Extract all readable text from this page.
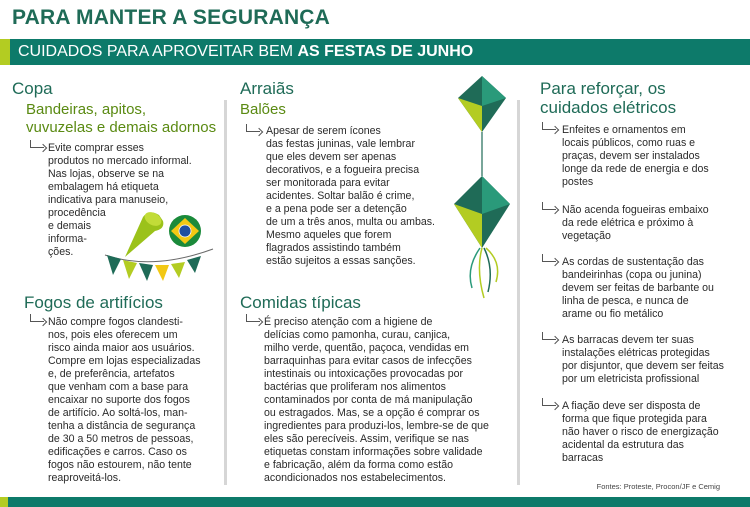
PARA MANTER A SEGURANÇA
CUIDADOS PARA APROVEITAR BEM AS FESTAS DE JUNHO
Copa
Bandeiras, apitos,
vuvuzelas e demais adornos
Evite comprar esses
produtos no mercado informal.
Nas lojas, observe se na
embalagem há etiqueta
indicativa para manuseio,
procedência
e demais
informa-
ções.
Fogos de artifícios
Não compre fogos clandesti-
nos, pois eles oferecem um
risco ainda maior aos usuários.
Compre em lojas especializadas
e, de preferência, artefatos
que venham com a base para
encaixar no suporte dos fogos
de artifício. Ao soltá-los, man-
tenha a distância de segurança
de 30 a 50 metros de pessoas,
edificações e carros. Caso os
fogos não estourem, não tente
reaproveitá-los.
Arraiãs
Balões
Apesar de serem ícones
das festas juninas, vale lembrar
que eles devem ser apenas
decorativos, e a fogueira precisa
ser monitorada para evitar
acidentes. Soltar balão é crime,
e a pena pode ser a detenção
de um a três anos, multa ou ambas.
Mesmo aqueles que forem
flagrados assistindo também
estão sujeitos a essas sanções.
Comidas típicas
É preciso atenção com a higiene de
delícias como pamonha, curau, canjica,
milho verde, quentão, paçoca, vendidas em
barraquinhas para evitar casos de infecções
intestinais ou intoxicações provocadas por
bactérias que proliferam nos alimentos
contaminados por conta de má manipulação
ou estragados. Mas, se a opção é comprar os
ingredientes para produzi-los, lembre-se de que
eles são perecíveis. Assim, verifique se nas
etiquetas constam informações sobre validade
e fabricação, além da forma como estão
acondicionados nos estabelecimentos.
Para reforçar, os
cuidados elétricos
Enfeites e ornamentos em
locais públicos, como ruas e
praças, devem ser instalados
longe da rede de energia e dos
postes
Não acenda fogueiras embaixo
da rede elétrica e próximo à
vegetação
As cordas de sustentação das
bandeirinhas (copa ou junina)
devem ser feitas de barbante ou
linha de pesca, e nunca de
arame ou fio metálico
As barracas devem ter suas
instalações elétricas protegidas
por disjuntor, que devem ser feitas
por um eletricista profissional
A fiação deve ser disposta de
forma que fique protegida para
não haver o risco de energização
acidental da estrutura das
barracas
Fontes: Proteste, Procon/JF e Cemig
